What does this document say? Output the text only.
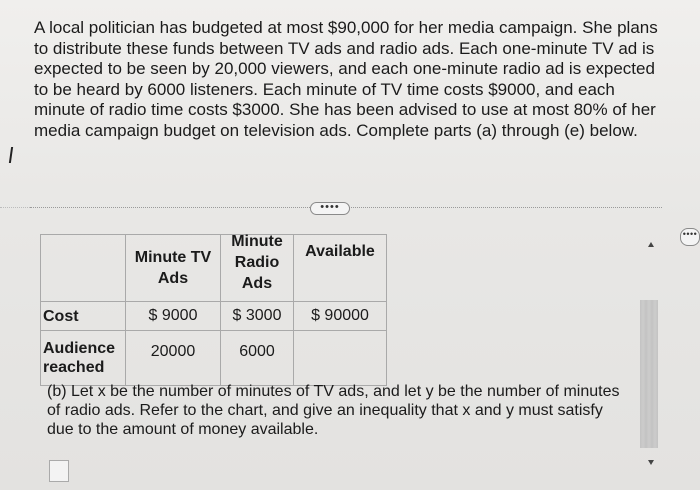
A local politician has budgeted at most $90,000 for her media campaign. She plans to distribute these funds between TV ads and radio ads. Each one-minute TV ad is expected to be seen by 20,000 viewers, and each one-minute radio ad is expected to be heard by 6000 listeners. Each minute of TV time costs $9000, and each minute of radio time costs $3000. She has been advised to use at most 80% of her media campaign budget on television ads. Complete parts (a) through (e) below.
••••
••••
	Minute TV Ads	Minute Radio Ads	Available
Cost	$ 9000	$ 3000	$ 90000
Audience reached	20000	6000	
(b) Let x be the number of minutes of TV ads, and let y be the number of minutes of radio ads. Refer to the chart, and give an inequality that x and y must satisfy due to the amount of money available.
